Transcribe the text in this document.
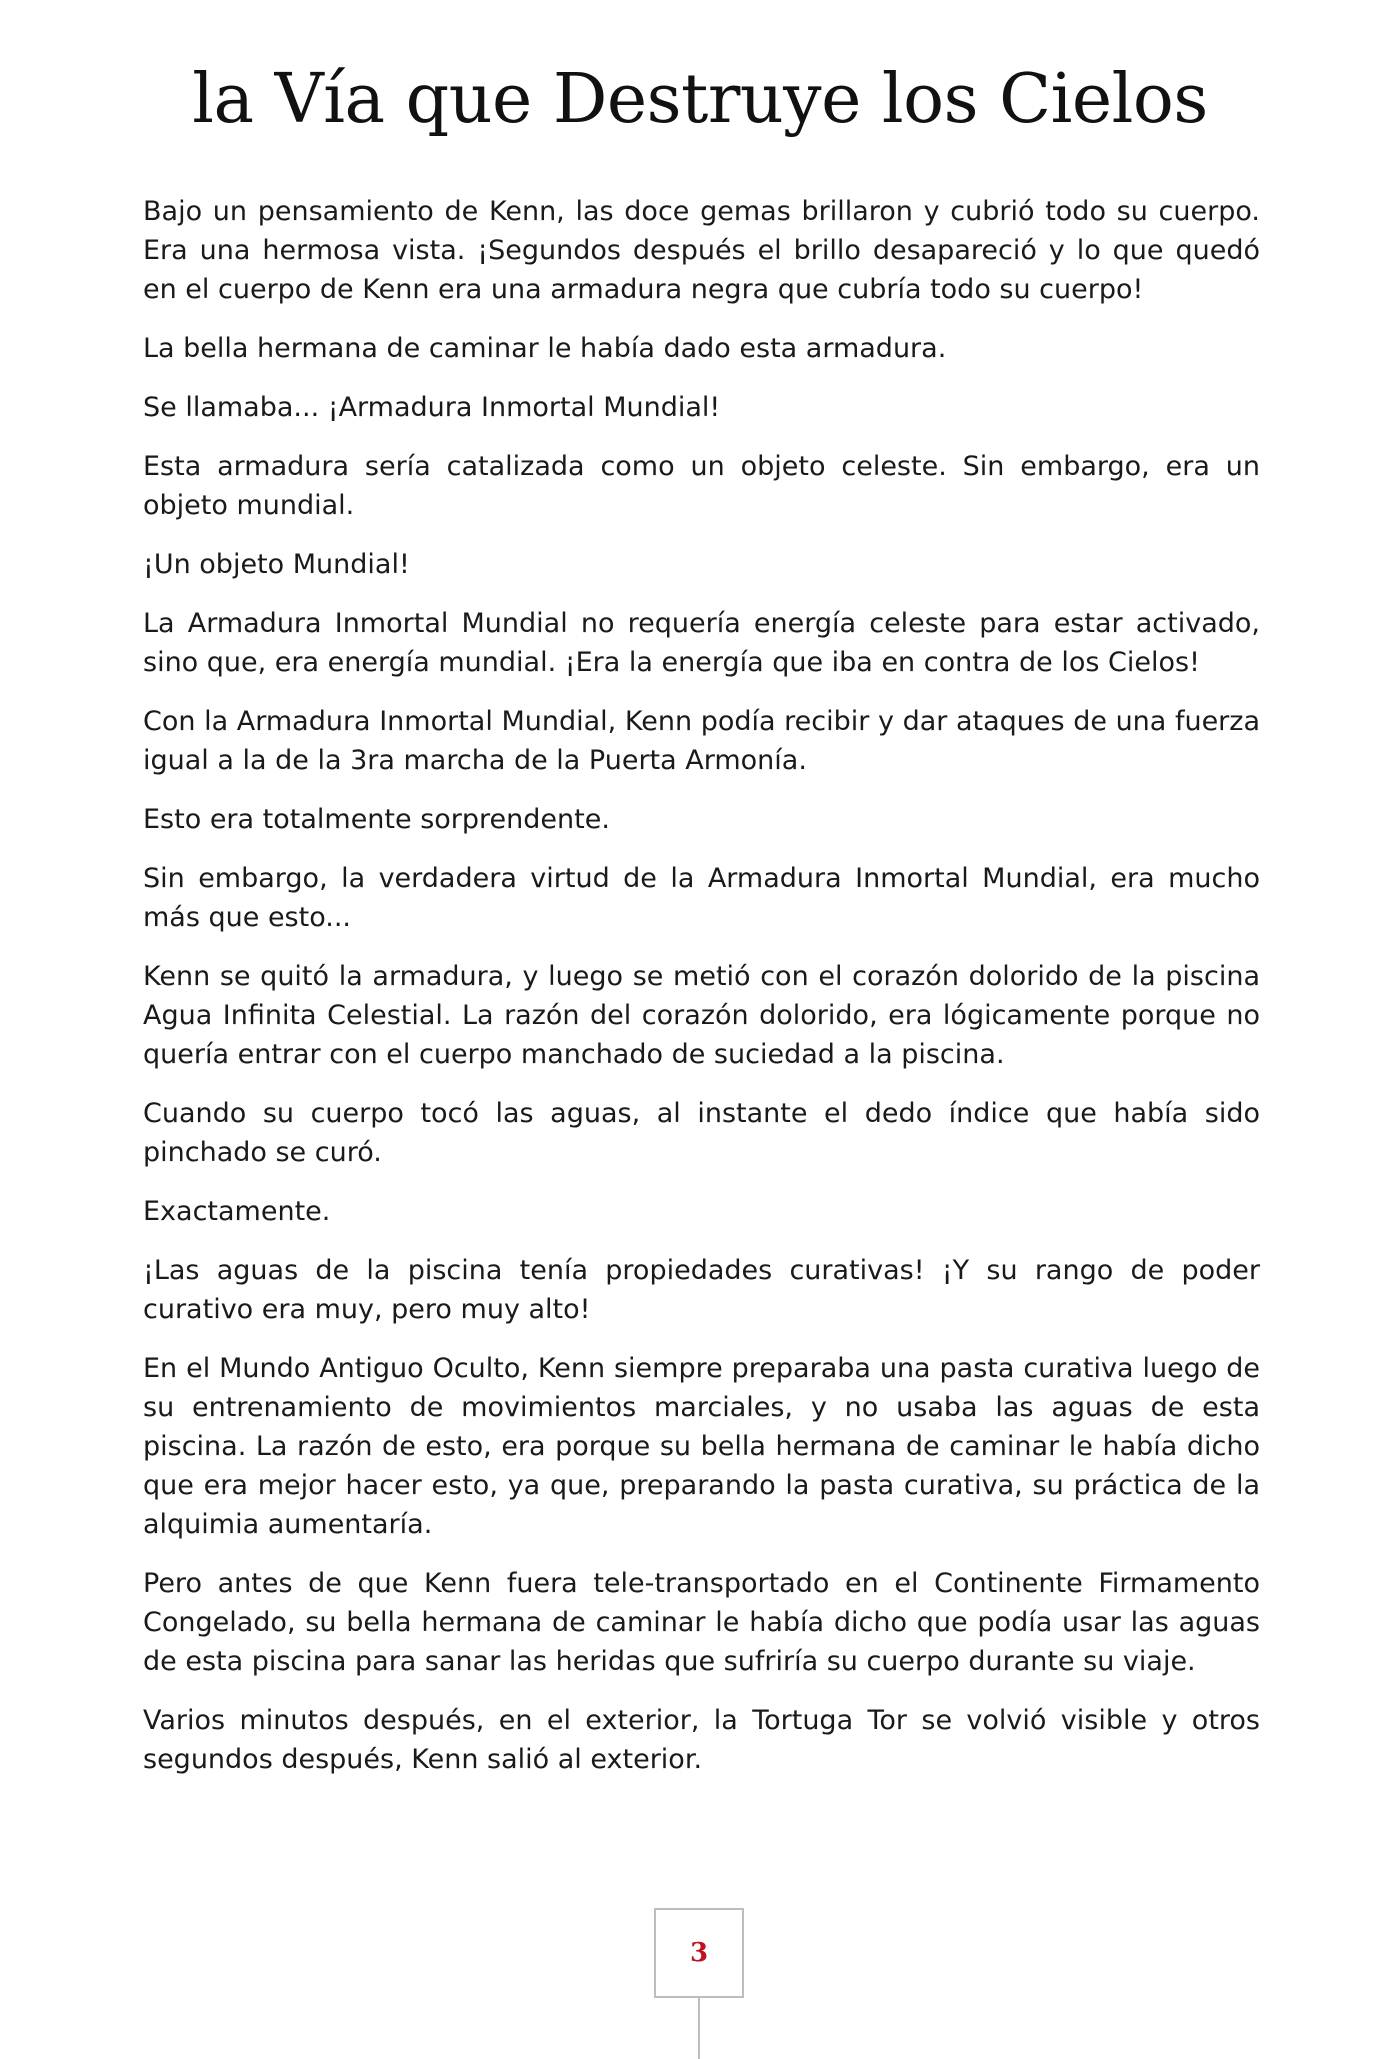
la Vía que Destruye los Cielos

Bajo un pensamiento de Kenn, las doce gemas brillaron y cubrió todo su cuerpo. Era una hermosa vista. ¡Segundos después el brillo desapareció y lo que quedó en el cuerpo de Kenn era una armadura negra que cubría todo su cuerpo!

La bella hermana de caminar le había dado esta armadura.

Se llamaba... ¡Armadura Inmortal Mundial!

Esta armadura sería catalizada como un objeto celeste. Sin embargo, era un objeto mundial.

¡Un objeto Mundial!

La Armadura Inmortal Mundial no requería energía celeste para estar activado, sino que, era energía mundial. ¡Era la energía que iba en contra de los Cielos!

Con la Armadura Inmortal Mundial, Kenn podía recibir y dar ataques de una fuerza igual a la de la 3ra marcha de la Puerta Armonía.

Esto era totalmente sorprendente.

Sin embargo, la verdadera virtud de la Armadura Inmortal Mundial, era mucho más que esto...

Kenn se quitó la armadura, y luego se metió con el corazón dolorido de la piscina Agua Infinita Celestial. La razón del corazón dolorido, era lógicamente porque no quería entrar con el cuerpo manchado de suciedad a la piscina.

Cuando su cuerpo tocó las aguas, al instante el dedo índice que había sido pinchado se curó.

Exactamente.

¡Las aguas de la piscina tenía propiedades curativas! ¡Y su rango de poder curativo era muy, pero muy alto!

En el Mundo Antiguo Oculto, Kenn siempre preparaba una pasta curativa luego de su entrenamiento de movimientos marciales, y no usaba las aguas de esta piscina. La razón de esto, era porque su bella hermana de caminar le había dicho que era mejor hacer esto, ya que, preparando la pasta curativa, su práctica de la alquimia aumentaría.

Pero antes de que Kenn fuera tele-transportado en el Continente Firmamento Congelado, su bella hermana de caminar le había dicho que podía usar las aguas de esta piscina para sanar las heridas que sufriría su cuerpo durante su viaje.

Varios minutos después, en el exterior, la Tortuga Tor se volvió visible y otros segundos después, Kenn salió al exterior.

3
